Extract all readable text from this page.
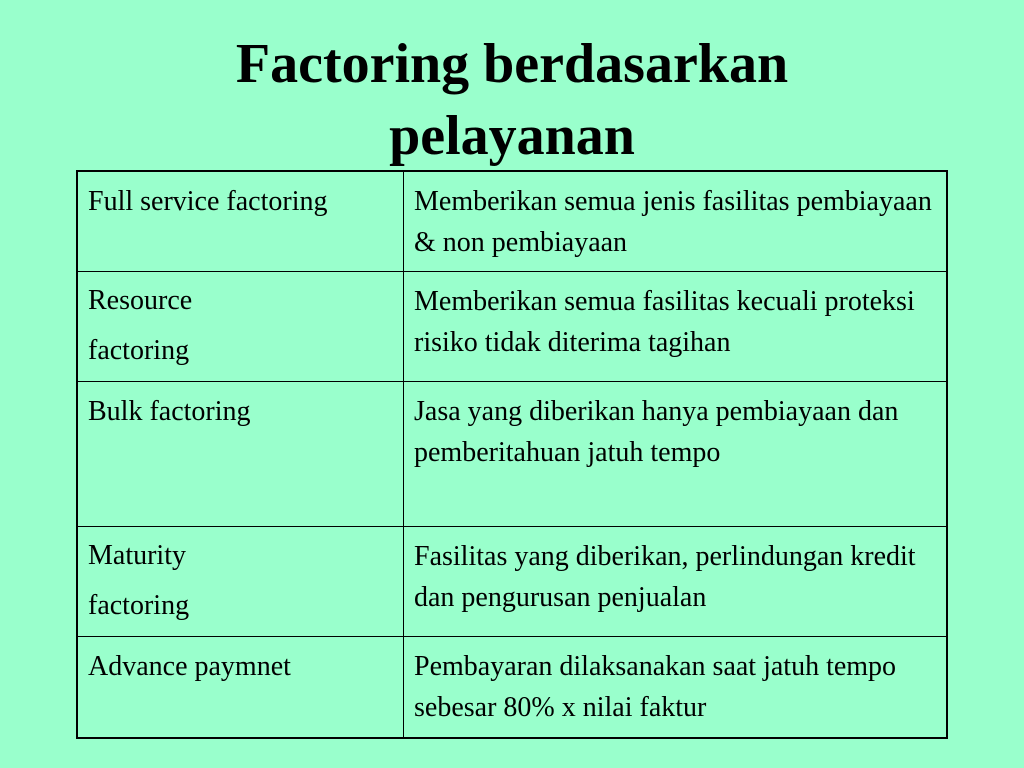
Factoring berdasarkan
pelayanan
Full service factoring	Memberikan semua jenis fasilitas pembiayaan & non pembiayaan

Resource
factoring	Memberikan semua fasilitas kecuali proteksi risiko tidak diterima tagihan
Bulk factoring	Jasa yang diberikan hanya pembiayaan dan pemberitahuan jatuh tempo

Maturity
factoring	Fasilitas yang diberikan, perlindungan kredit dan pengurusan penjualan
Advance paymnet	Pembayaran dilaksanakan saat jatuh tempo sebesar 80% x nilai faktur
